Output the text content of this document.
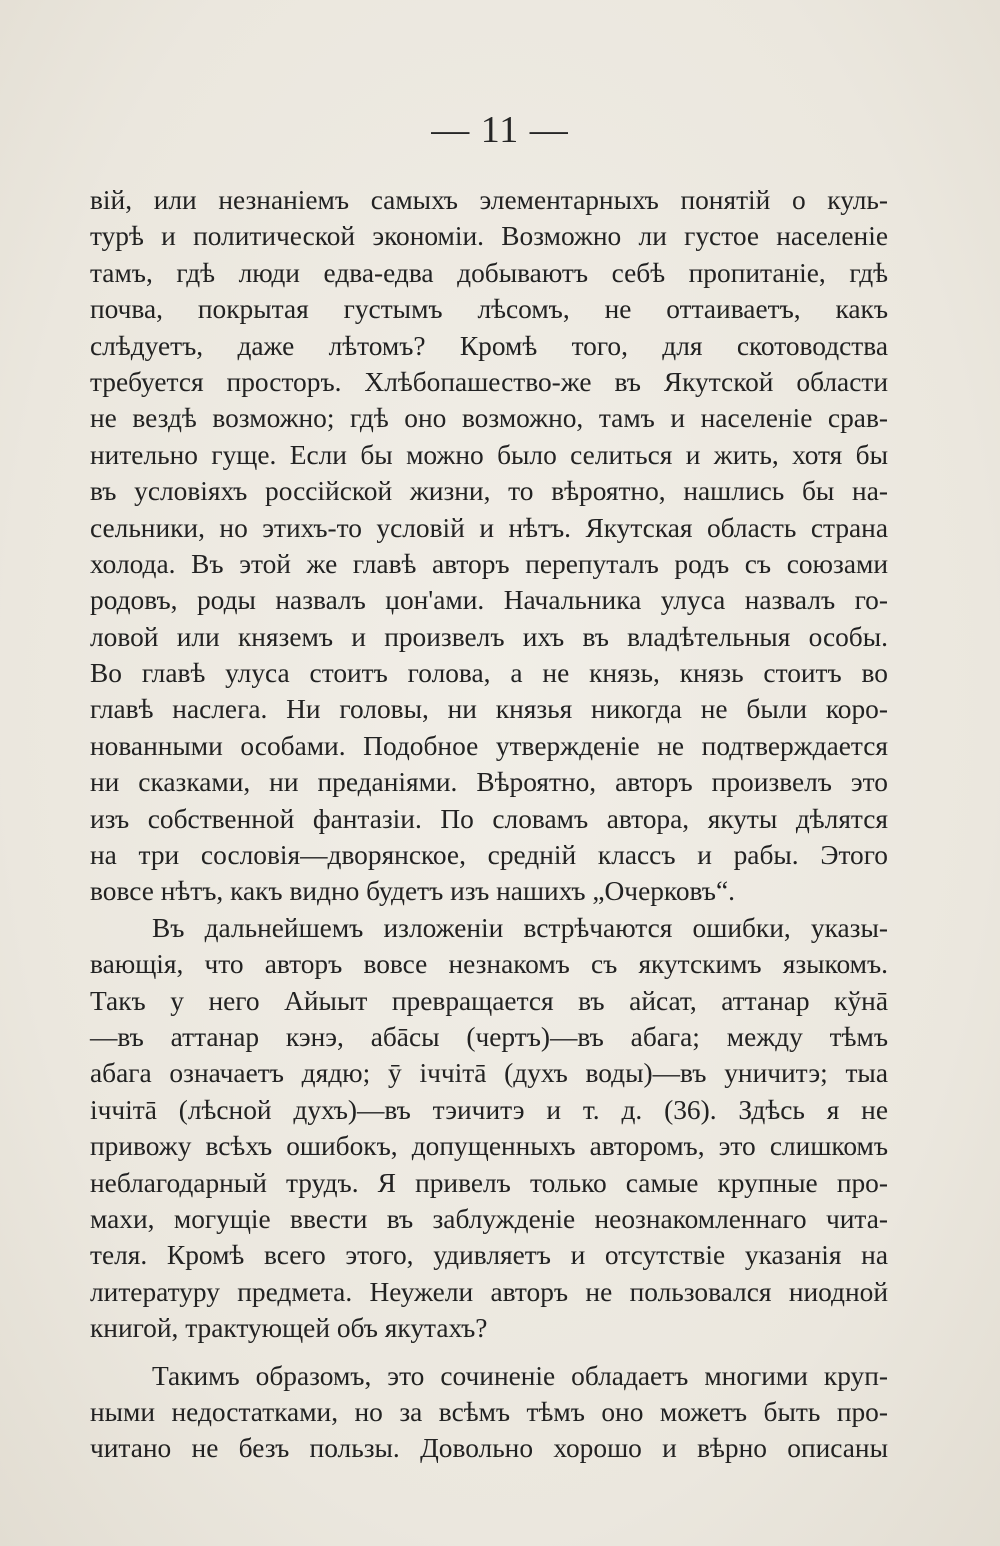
— 11 —
вій, или незнаніемъ самыхъ элементарныхъ понятій о куль-
турѣ и политической экономіи. Возможно ли густое населеніе
тамъ, гдѣ люди едва-едва добываютъ себѣ пропитаніе, гдѣ
почва, покрытая густымъ лѣсомъ, не оттаиваетъ, какъ
слѣдуетъ, даже лѣтомъ? Кромѣ того, для скотоводства
требуется просторъ. Хлѣбопашество-же въ Якутской области
не вездѣ возможно; гдѣ оно возможно, тамъ и населеніе срав-
нительно гуще. Если бы можно было селиться и жить, хотя бы
въ условіяхъ россійской жизни, то вѣроятно, нашлись бы на-
сельники, но этихъ-то условій и нѣтъ. Якутская область страна
холода. Въ этой же главѣ авторъ перепуталъ родъ съ союзами
родовъ, роды назвалъ џон'ами. Начальника улуса назвалъ го-
ловой или княземъ и произвелъ ихъ въ владѣтельныя особы.
Во главѣ улуса стоитъ голова, а не князь, князь стоитъ во
главѣ наслега. Ни головы, ни князья никогда не были коро-
нованными особами. Подобное утвержденіе не подтверждается
ни сказками, ни преданіями. Вѣроятно, авторъ произвелъ это
изъ собственной фантазіи. По словамъ автора, якуты дѣлятся
на три сословія—дворянское, средній классъ и рабы. Этого
вовсе нѣтъ, какъ видно будетъ изъ нашихъ „Очерковъ“.
Въ дальнейшемъ изложеніи встрѣчаются ошибки, указы-
вающія, что авторъ вовсе незнакомъ съ якутскимъ языкомъ.
Такъ у него Айыыт превращается въ айсат, аттанар кўнā
—въ аттанар кэнэ, абāсы (чертъ)—въ абага; между тѣмъ
абага означаетъ дядю; ӯ іччітā (духъ воды)—въ уничитэ; тыа
іччітā (лѣсной духъ)—въ тэичитэ и т. д. (36). Здѣсь я не
привожу всѣхъ ошибокъ, допущенныхъ авторомъ, это слишкомъ
неблагодарный трудъ. Я привелъ только самые крупные про-
махи, могущіе ввести въ заблужденіе неознакомленнаго чита-
теля. Кромѣ всего этого, удивляетъ и отсутствіе указанія на
литературу предмета. Неужели авторъ не пользовался ниодной
книгой, трактующей объ якутахъ?
Такимъ образомъ, это сочиненіе обладаетъ многими круп-
ными недостатками, но за всѣмъ тѣмъ оно можетъ быть про-
читано не безъ пользы. Довольно хорошо и вѣрно описаны
